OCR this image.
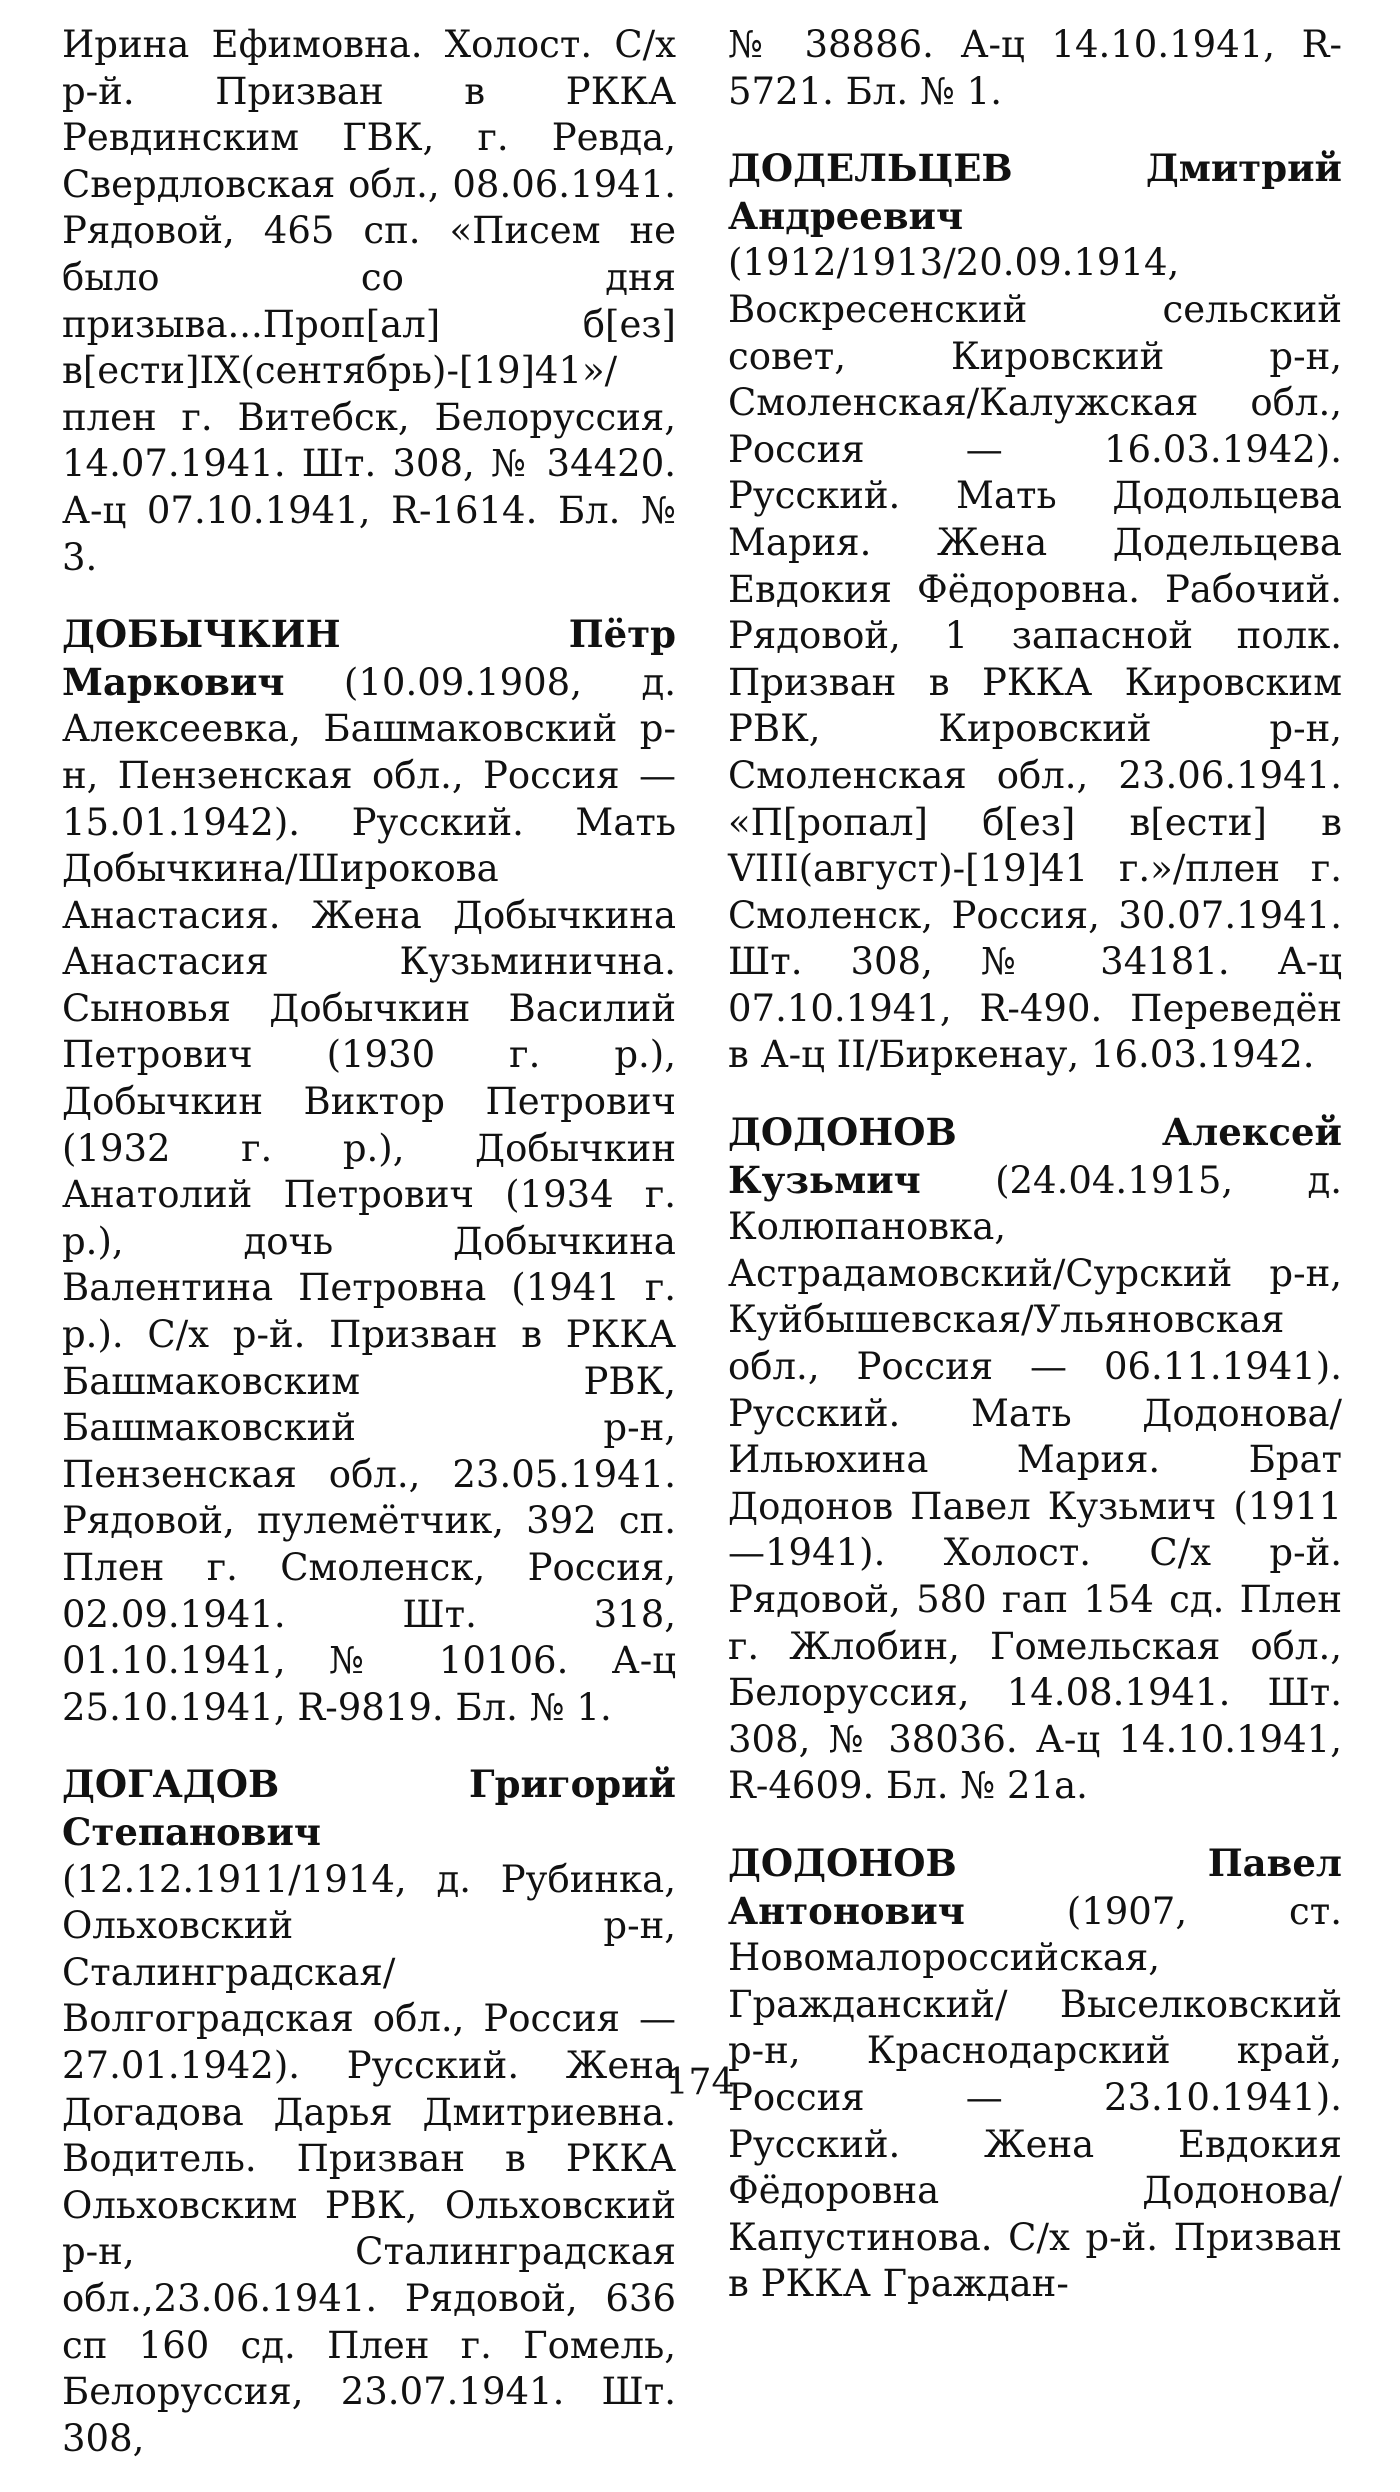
Ирина Ефимовна. Холост. С/х р-й. Призван в РККА Ревдинским ГВК, г. Ревда, Свердловская обл., 08.06.1941. Рядовой, 465 сп. «Писем не было со дня призыва...Проп[ал] б[ез] в[ести]IX(сентябрь)-[19]41»/плен г. Витебск, Белоруссия, 14.07.1941. Шт. 308, № 34420. А-ц 07.10.1941, R-1614. Бл. № 3.

ДОБЫЧКИН Пётр Маркович (10.09.1908, д. Алексеевка, Башмаковский р-н, Пензенская обл., Россия — 15.01.1942). Русский. Мать Добычкина/Широкова Анастасия. Жена Добычкина Анастасия Кузьминична. Сыновья Добычкин Василий Петрович (1930 г. р.), Добычкин Виктор Петрович (1932 г. р.), Добычкин Анатолий Петрович (1934 г. р.), дочь Добычкина Валентина Петровна (1941 г. р.). С/х р-й. Призван в РККА Башмаковским РВК, Башмаковский р-н, Пензенская обл., 23.05.1941. Рядовой, пулемётчик, 392 сп. Плен г. Смоленск, Россия, 02.09.1941. Шт. 318, 01.10.1941, № 10106. А-ц 25.10.1941, R-9819. Бл. № 1.

ДОГАДОВ Григорий Степанович (12.12.1911/1914, д. Рубинка, Ольховский р-н, Сталинградская/Волгоградская обл., Россия — 27.01.1942). Русский. Жена Догадова Дарья Дмитриевна. Водитель. Призван в РККА Ольховским РВК, Ольховский р-н, Сталинградская обл.,23.06.1941. Рядовой, 636 сп 160 сд. Плен г. Гомель, Белоруссия, 23.07.1941. Шт. 308,

№ 38886. А-ц 14.10.1941, R-5721. Бл. № 1.

ДОДЕЛЬЦЕВ Дмитрий Андреевич (1912/1913/20.09.1914, Воскресенский сельский совет, Кировский р-н, Смоленская/Калужская обл., Россия — 16.03.1942). Русский. Мать Додольцева Мария. Жена Додельцева Евдокия Фёдоровна. Рабочий. Рядовой, 1 запасной полк. Призван в РККА Кировским РВК, Кировский р-н, Смоленская обл., 23.06.1941. «П[ропал] б[ез] в[ести] в VIII(август)-[19]41 г.»/плен г. Смоленск, Россия, 30.07.1941. Шт. 308, № 34181. А-ц 07.10.1941, R-490. Переведён в А-ц II/Биркенау, 16.03.1942.

ДОДОНОВ Алексей Кузьмич (24.04.1915, д. Колюпановка, Астрадамовский/Сурский р-н, Куйбышевская/Ульяновская обл., Россия — 06.11.1941). Русский. Мать Додонова/Ильюхина Мария. Брат Додонов Павел Кузьмич (1911—1941). Холост. С/х р-й. Рядовой, 580 гап 154 сд. Плен г. Жлобин, Гомельская обл., Белоруссия, 14.08.1941. Шт. 308, № 38036. А-ц 14.10.1941, R-4609. Бл. № 21а.

ДОДОНОВ Павел Антонович (1907, ст. Новомалороссийская, Гражданский/ Выселковский р-н, Краснодарский край, Россия — 23.10.1941). Русский. Жена Евдокия Фёдоровна Додонова/Капустинова. С/х р-й. Призван в РККА Граждан-

174
